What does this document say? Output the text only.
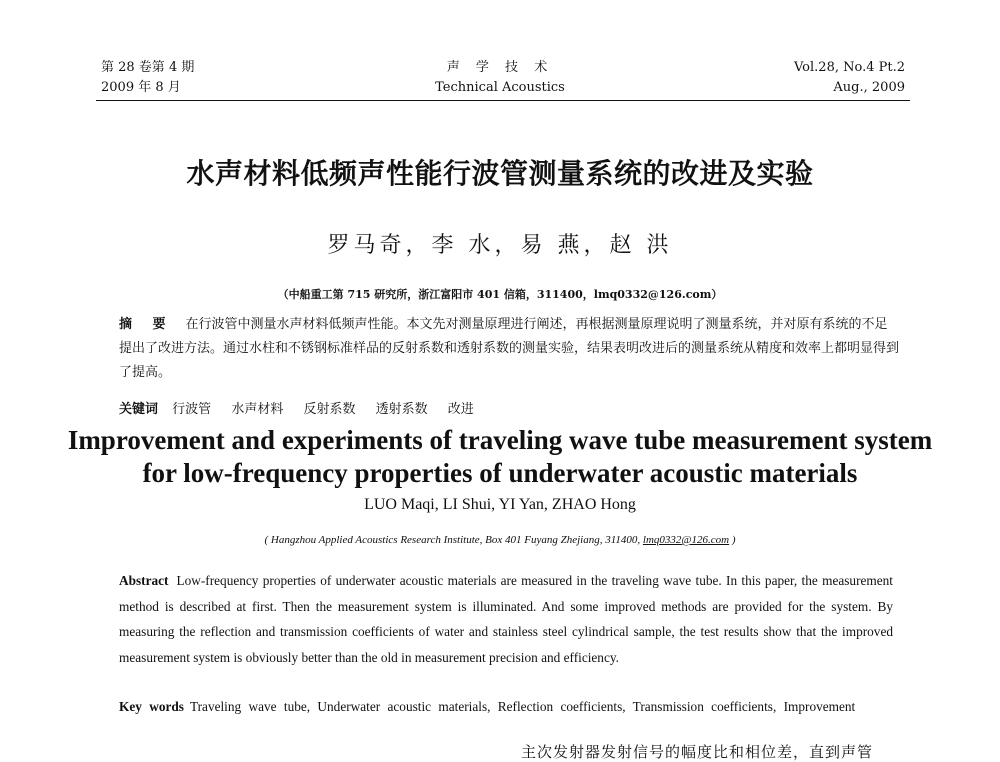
第 28 卷第 4 期
2009 年 8 月
声 学 技 术
Technical Acoustics
Vol.28, No.4 Pt.2
Aug., 2009
水声材料低频声性能行波管测量系统的改进及实验
罗马奇，李 水，易 燕，赵 洪
（中船重工第 715 研究所，浙江富阳市 401 信箱，311400，lmq0332@126.com）
摘 要 在行波管中测量水声材料低频声性能。本文先对测量原理进行阐述，再根据测量原理说明了测量系统，并对原有系统的不足提出了改进方法。通过水柱和不锈钢标准样品的反射系数和透射系数的测量实验，结果表明改进后的测量系统从精度和效率上都明显得到了提高。
关键词 行波管 水声材料 反射系数 透射系数 改进
Improvement and experiments of traveling wave tube measurement system
for low-frequency properties of underwater acoustic materials
LUO Maqi, LI Shui, YI Yan, ZHAO Hong
( Hangzhou Applied Acoustics Research Institute, Box 401 Fuyang Zhejiang, 311400, lmq0332@126.com )
Abstract Low-frequency properties of underwater acoustic materials are measured in the traveling wave tube. In this paper, the measurement method is described at first. Then the measurement system is illuminated. And some improved methods are provided for the system. By measuring the reflection and transmission coefficients of water and stainless steel cylindrical sample, the test results show that the improved measurement system is obviously better than the old in measurement precision and efficiency.
Key words Traveling wave tube, Underwater acoustic materials, Reflection coefficients, Transmission coefficients, Improvement
主次发射器发射信号的幅度比和相位差，直到声管
